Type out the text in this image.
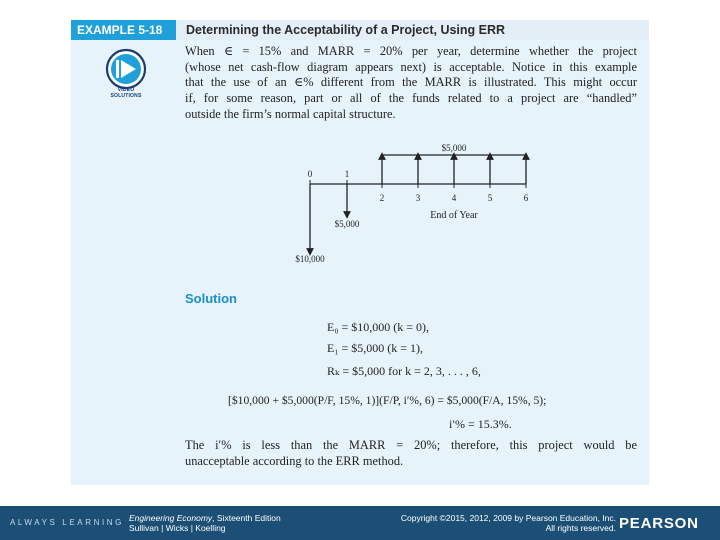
EXAMPLE 5-18	Determining the Acceptability of a Project, Using ERR
VIDEO
SOLUTIONS
When ∈ = 15% and MARR = 20% per year, determine whether the project
(whose net cash-flow diagram appears next) is acceptable. Notice in this example
that the use of an ∈% different from the MARR is illustrated. This might occur
if, for some reason, part or all of the funds related to a project are “handled”
outside the firm’s normal capital structure.
0	1
2	3	4	5	6
$5,000
$5,000
$10,000
End of Year
Solution
E₀ = $10,000 (k = 0),
E₁ = $5,000 (k = 1),
Rₖ = $5,000 for k = 2, 3, . . . , 6,
[$10,000 + $5,000(P/F, 15%, 1)](F/P, i′%, 6) = $5,000(F/A, 15%, 5);
i′% = 15.3%.
The i′% is less than the MARR = 20%; therefore, this project would be
unacceptable according to the ERR method.
ALWAYS LEARNING Engineering Economy, Sixteenth Edition
Sullivan | Wicks | Koelling
Copyright ©2015, 2012, 2009 by Pearson Education, Inc.
All rights reserved. PEARSON
